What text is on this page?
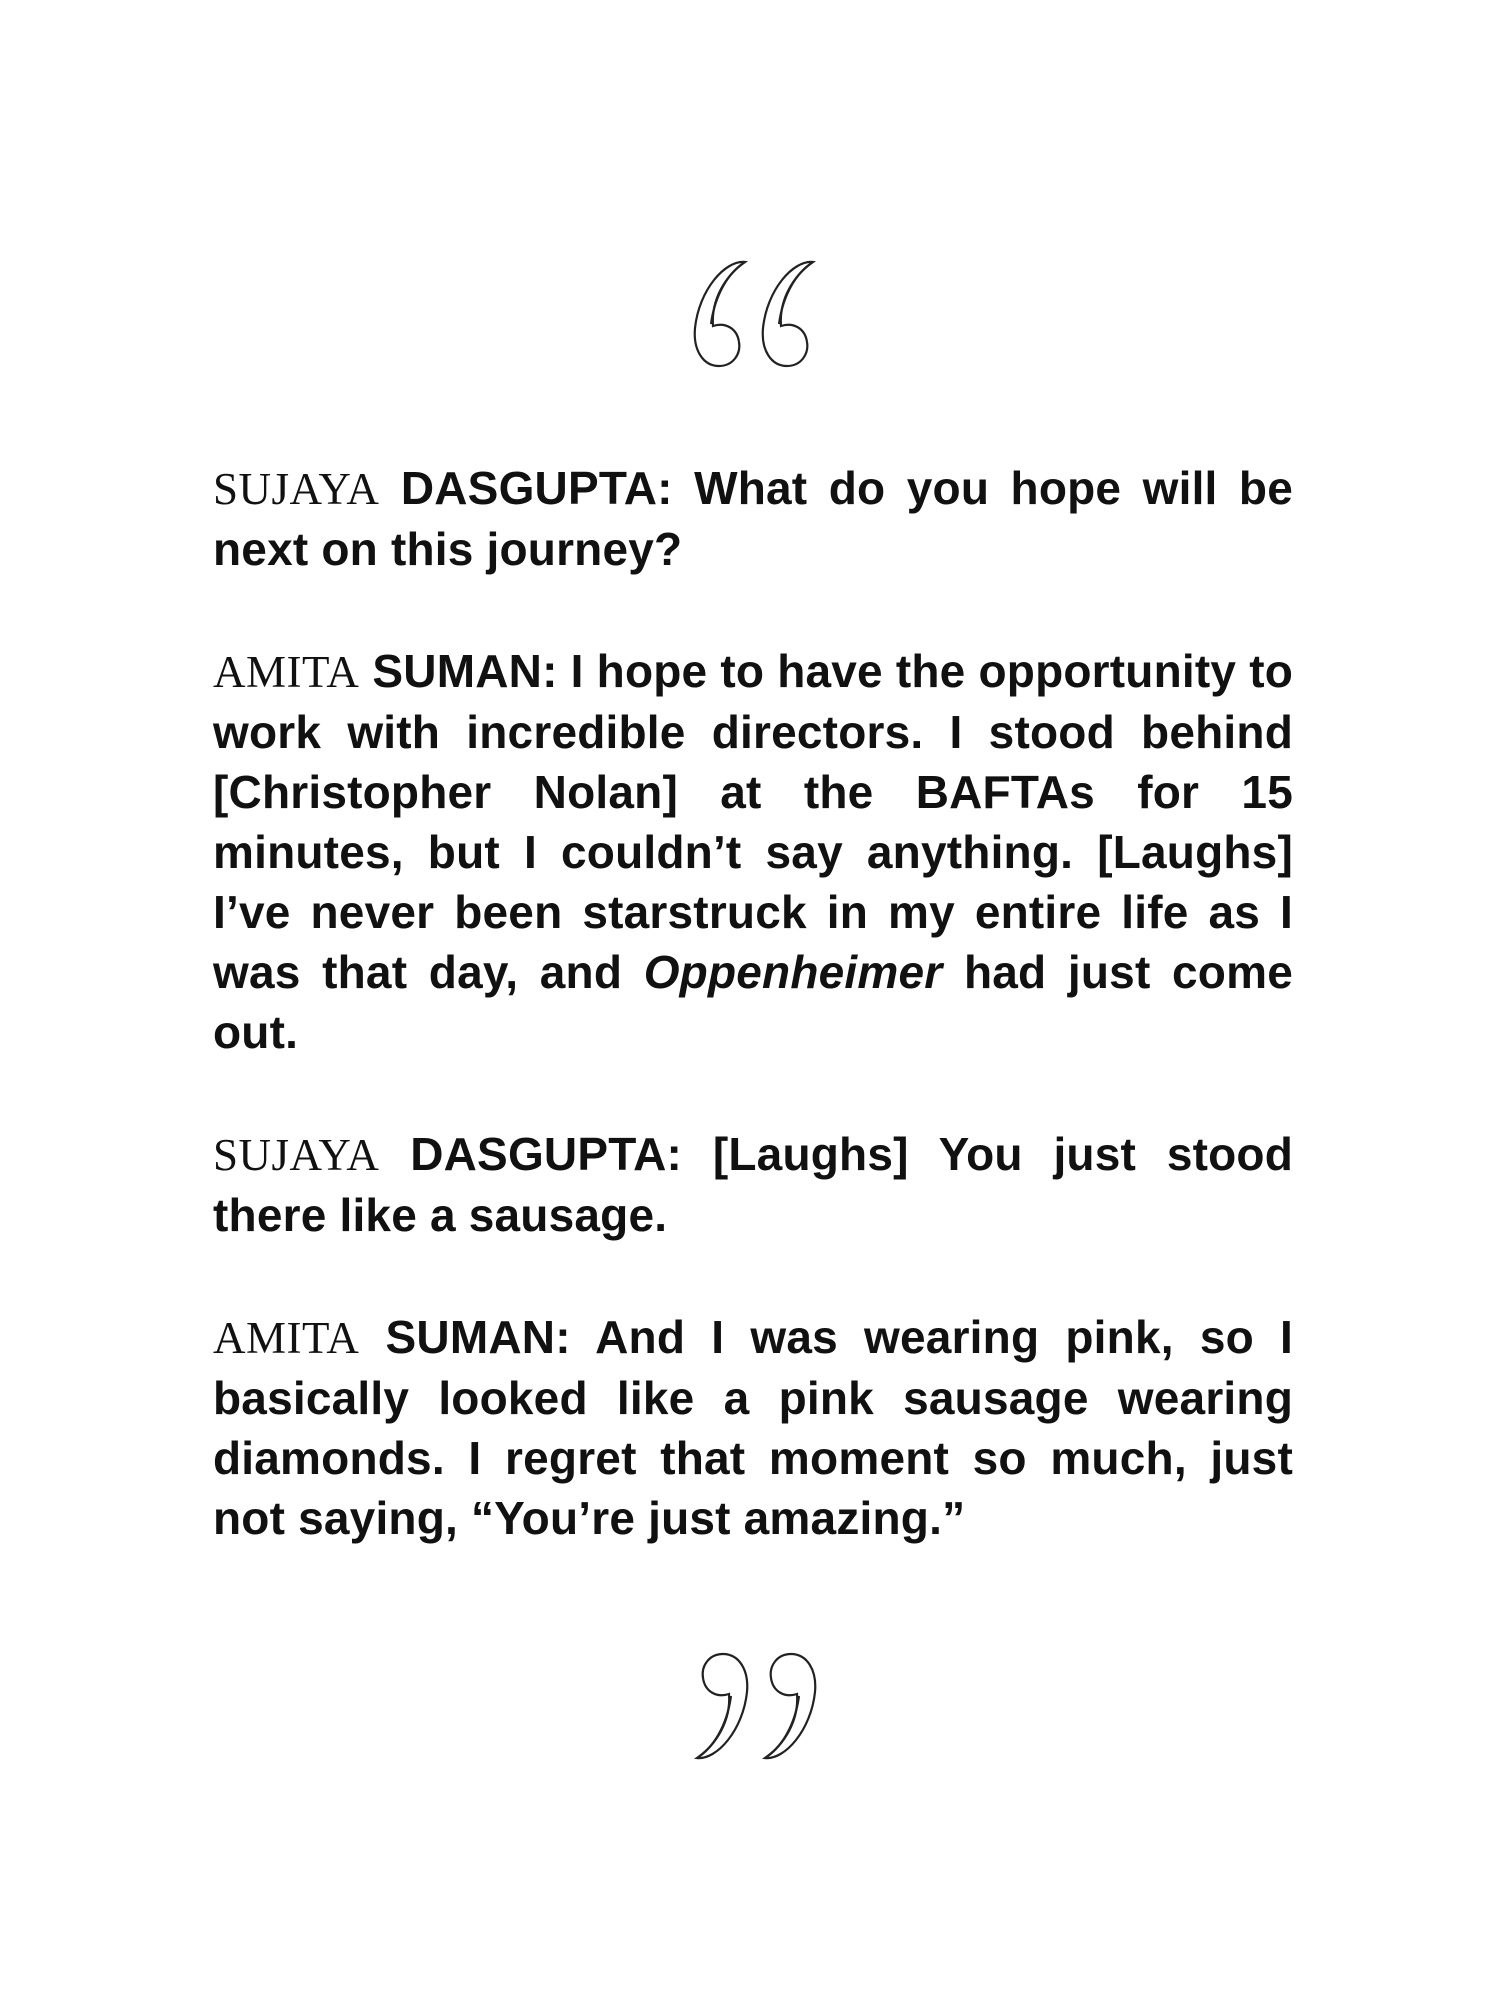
SUJAYA DASGUPTA: What do you hope will be next on this journey?

AMITA SUMAN: I hope to have the opportunity to work with incredible directors. I stood behind [Christopher Nolan] at the BAFTAs for 15 minutes, but I couldn’t say anything. [Laughs] I’ve never been starstruck in my entire life as I was that day, and Oppenheimer had just come out.

SUJAYA DASGUPTA: [Laughs] You just stood there like a sausage.

AMITA SUMAN: And I was wearing pink, so I basically looked like a pink sausage wearing diamonds. I regret that moment so much, just not saying, “You’re just amazing.”
